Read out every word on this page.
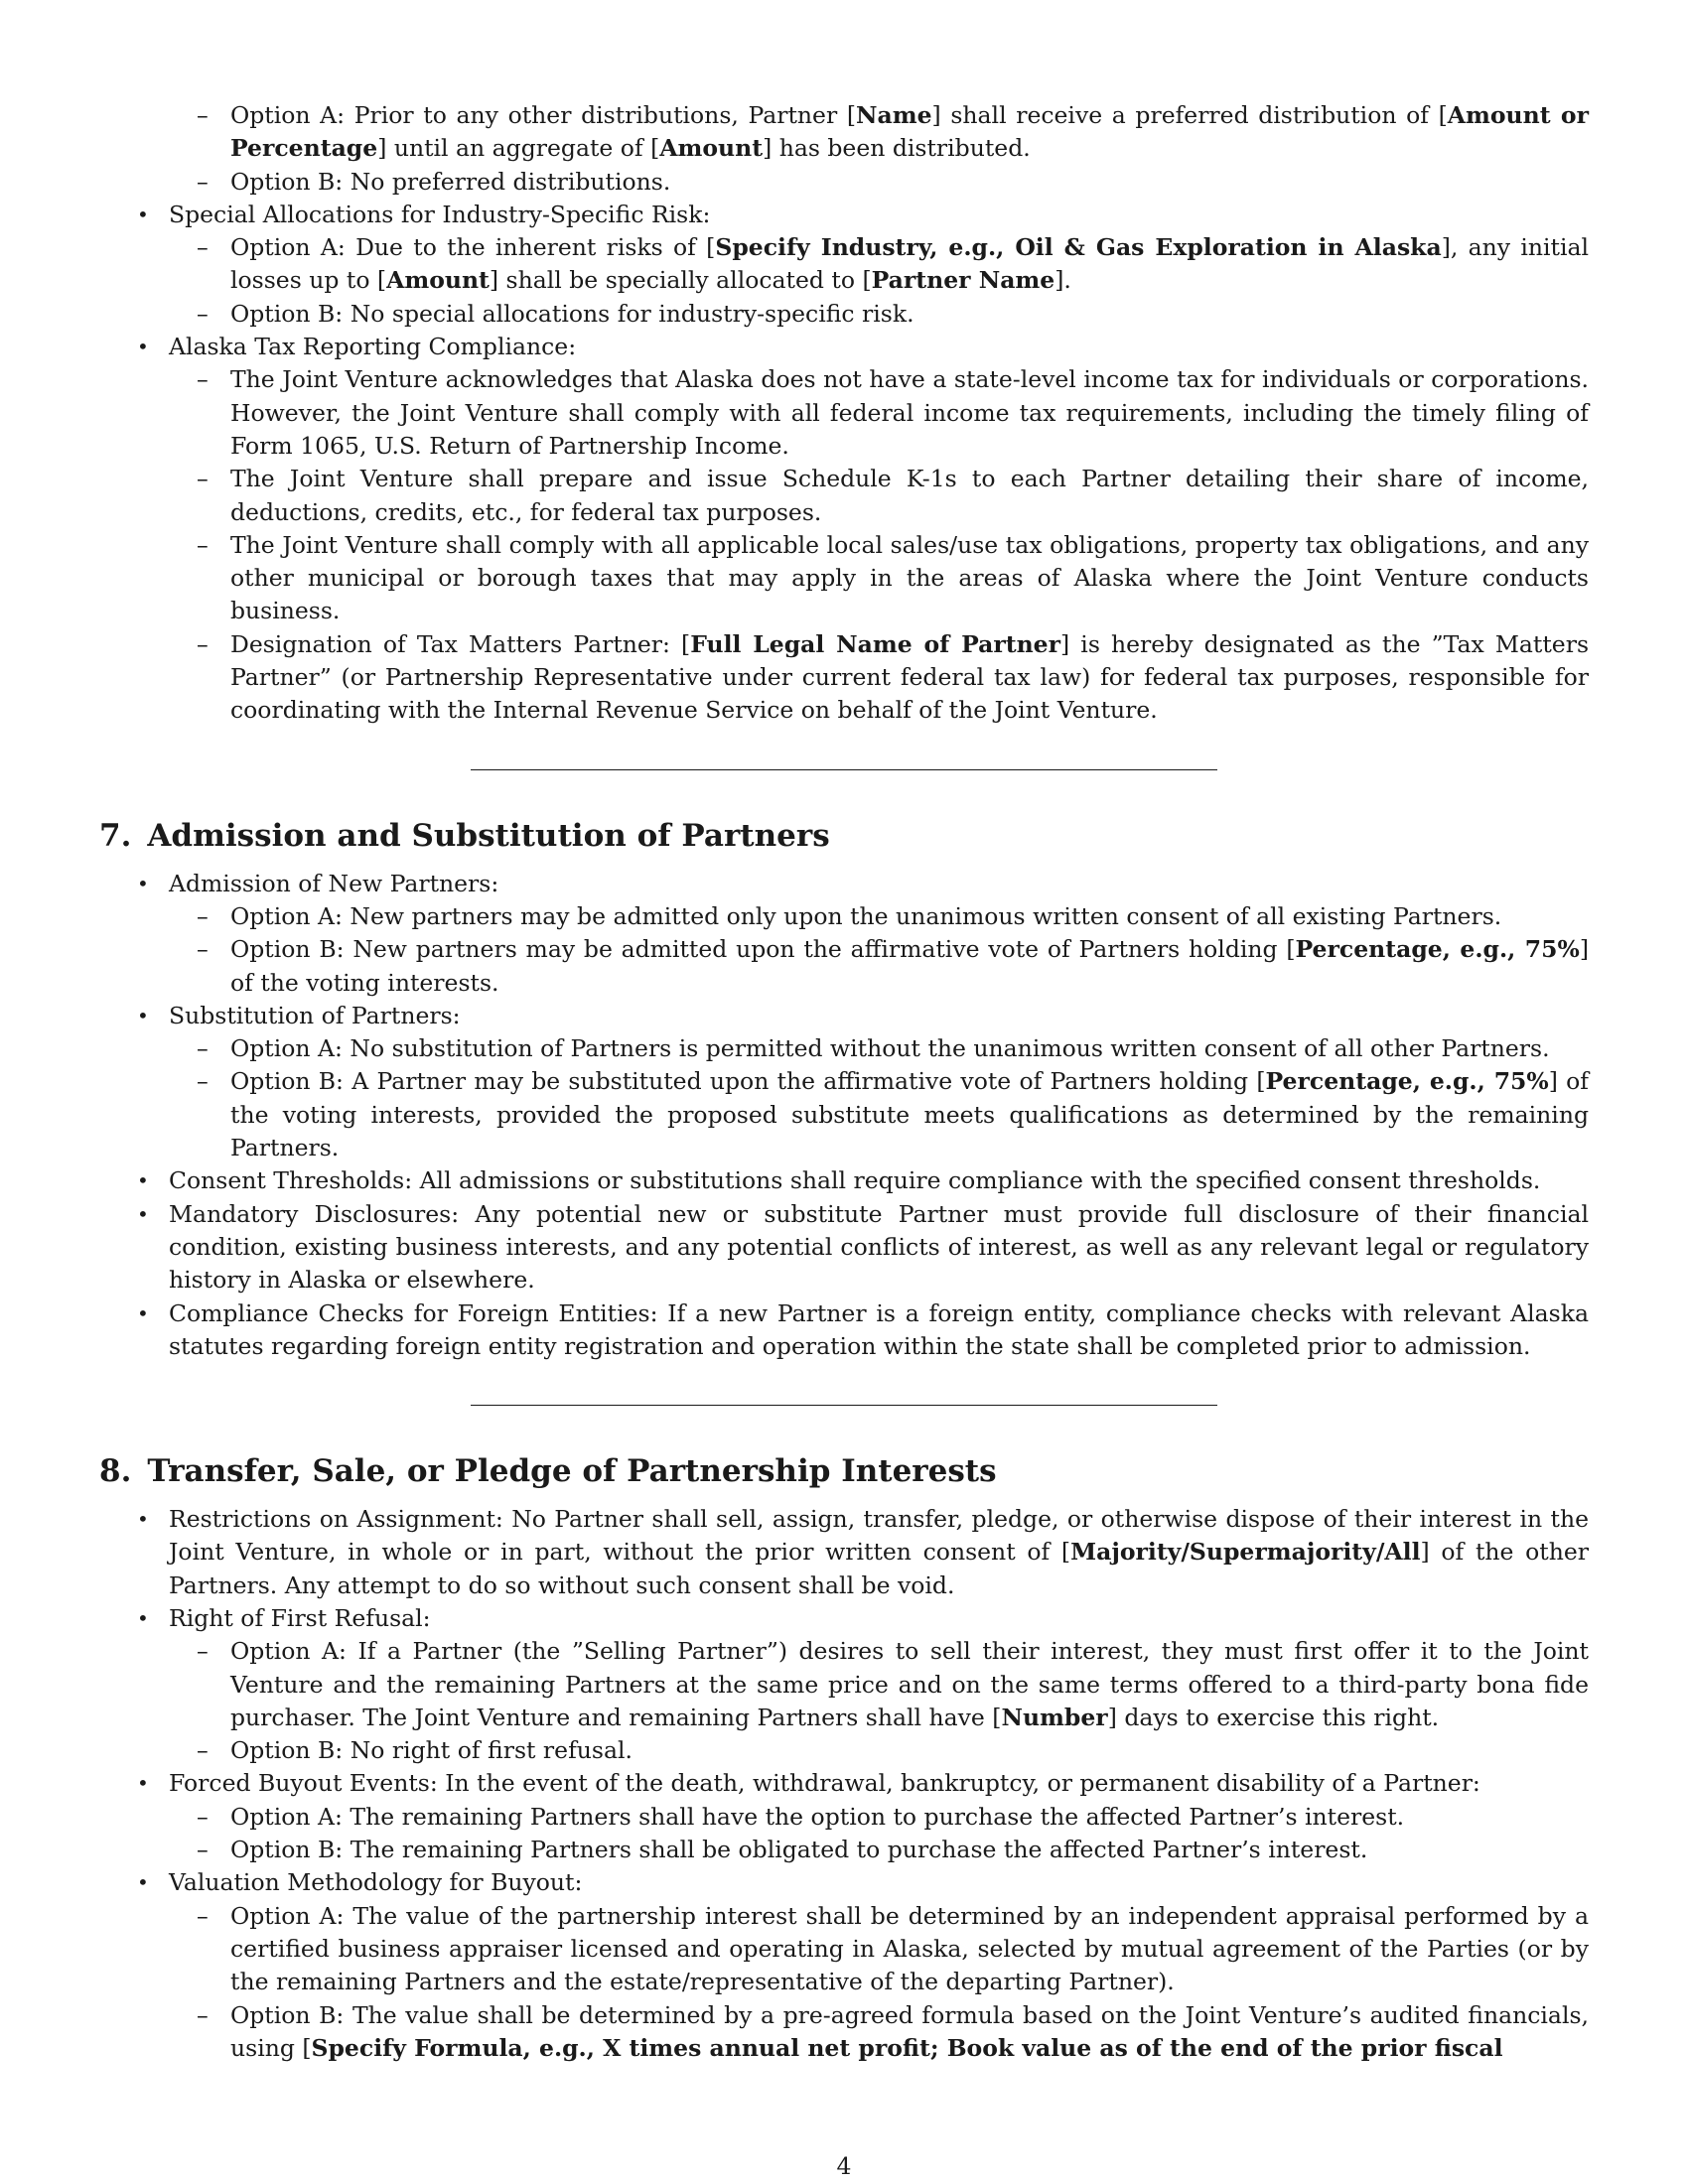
– Option A: Prior to any other distributions, Partner [Name] shall receive a preferred distribution of [Amount or Percentage] until an aggregate of [Amount] has been distributed.
– Option B: No preferred distributions.
• Special Allocations for Industry-Specific Risk:
– Option A: Due to the inherent risks of [Specify Industry, e.g., Oil & Gas Exploration in Alaska], any initial losses up to [Amount] shall be specially allocated to [Partner Name].
– Option B: No special allocations for industry-specific risk.
• Alaska Tax Reporting Compliance:
– The Joint Venture acknowledges that Alaska does not have a state-level income tax for individuals or corporations. However, the Joint Venture shall comply with all federal income tax requirements, including the timely filing of Form 1065, U.S. Return of Partnership Income.
– The Joint Venture shall prepare and issue Schedule K-1s to each Partner detailing their share of income, deductions, credits, etc., for federal tax purposes.
– The Joint Venture shall comply with all applicable local sales/use tax obligations, property tax obligations, and any other municipal or borough taxes that may apply in the areas of Alaska where the Joint Venture conducts business.
– Designation of Tax Matters Partner: [Full Legal Name of Partner] is hereby designated as the ”Tax Matters Partner” (or Partnership Representative under current federal tax law) for federal tax purposes, responsible for coordinating with the Internal Revenue Service on behalf of the Joint Venture.
7. Admission and Substitution of Partners
• Admission of New Partners:
– Option A: New partners may be admitted only upon the unanimous written consent of all existing Partners.
– Option B: New partners may be admitted upon the affirmative vote of Partners holding [Percentage, e.g., 75%] of the voting interests.
• Substitution of Partners:
– Option A: No substitution of Partners is permitted without the unanimous written consent of all other Partners.
– Option B: A Partner may be substituted upon the affirmative vote of Partners holding [Percentage, e.g., 75%] of the voting interests, provided the proposed substitute meets qualifications as determined by the remaining Partners.
• Consent Thresholds: All admissions or substitutions shall require compliance with the specified consent thresholds.
• Mandatory Disclosures: Any potential new or substitute Partner must provide full disclosure of their financial condition, existing business interests, and any potential conflicts of interest, as well as any relevant legal or regulatory history in Alaska or elsewhere.
• Compliance Checks for Foreign Entities: If a new Partner is a foreign entity, compliance checks with relevant Alaska statutes regarding foreign entity registration and operation within the state shall be completed prior to admission.
8. Transfer, Sale, or Pledge of Partnership Interests
• Restrictions on Assignment: No Partner shall sell, assign, transfer, pledge, or otherwise dispose of their interest in the Joint Venture, in whole or in part, without the prior written consent of [Majority/Supermajority/All] of the other Partners. Any attempt to do so without such consent shall be void.
• Right of First Refusal:
– Option A: If a Partner (the ”Selling Partner”) desires to sell their interest, they must first offer it to the Joint Venture and the remaining Partners at the same price and on the same terms offered to a third-party bona fide purchaser. The Joint Venture and remaining Partners shall have [Number] days to exercise this right.
– Option B: No right of first refusal.
• Forced Buyout Events: In the event of the death, withdrawal, bankruptcy, or permanent disability of a Partner:
– Option A: The remaining Partners shall have the option to purchase the affected Partner’s interest.
– Option B: The remaining Partners shall be obligated to purchase the affected Partner’s interest.
• Valuation Methodology for Buyout:
– Option A: The value of the partnership interest shall be determined by an independent appraisal performed by a certified business appraiser licensed and operating in Alaska, selected by mutual agreement of the Parties (or by the remaining Partners and the estate/representative of the departing Partner).
– Option B: The value shall be determined by a pre-agreed formula based on the Joint Venture’s audited financials, using [Specify Formula, e.g., X times annual net profit; Book value as of the end of the prior fiscal
4
